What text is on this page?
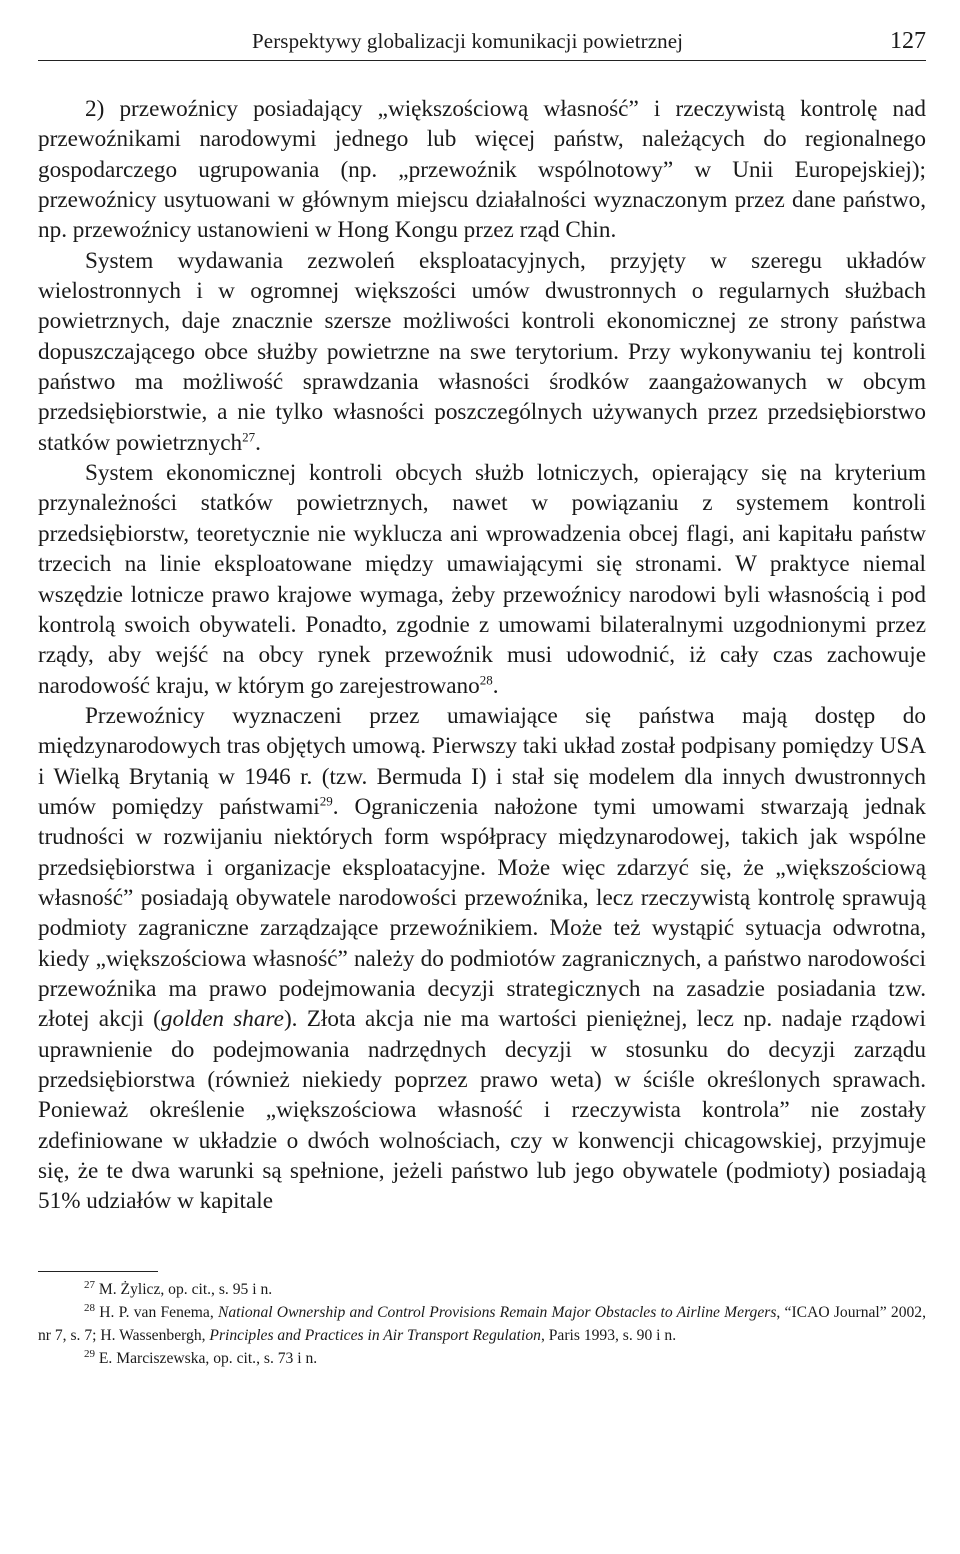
Perspektywy globalizacji komunikacji powietrznej	127

2) przewoźnicy posiadający „większościową własność” i rzeczywistą kontrolę nad przewoźnikami narodowymi jednego lub więcej państw, należących do regionalnego gospodarczego ugrupowania (np. „przewoźnik wspólnotowy” w Unii Europejskiej); przewoźnicy usytuowani w głównym miejscu działalności wyznaczonym przez dane państwo, np. przewoźnicy ustanowieni w Hong Kongu przez rząd Chin.

System wydawania zezwoleń eksploatacyjnych, przyjęty w szeregu układów wielostronnych i w ogromnej większości umów dwustronnych o regularnych służbach powietrznych, daje znacznie szersze możliwości kontroli ekonomicznej ze strony państwa dopuszczającego obce służby powietrzne na swe terytorium. Przy wykonywaniu tej kontroli państwo ma możliwość sprawdzania własności środków zaangażowanych w obcym przedsiębiorstwie, a nie tylko własności poszczególnych używanych przez przedsiębiorstwo statków powietrznych$^{27}$.

System ekonomicznej kontroli obcych służb lotniczych, opierający się na kryterium przynależności statków powietrznych, nawet w powiązaniu z systemem kontroli przedsiębiorstw, teoretycznie nie wyklucza ani wprowadzenia obcej flagi, ani kapitału państw trzecich na linie eksploatowane między umawiającymi się stronami. W praktyce niemal wszędzie lotnicze prawo krajowe wymaga, żeby przewoźnicy narodowi byli własnością i pod kontrolą swoich obywateli. Ponadto, zgodnie z umowami bilateralnymi uzgodnionymi przez rządy, aby wejść na obcy rynek przewoźnik musi udowodnić, iż cały czas zachowuje narodowość kraju, w którym go zarejestrowano$^{28}$.

Przewoźnicy wyznaczeni przez umawiające się państwa mają dostęp do międzynarodowych tras objętych umową. Pierwszy taki układ został podpisany pomiędzy USA i Wielką Brytanią w 1946 r. (tzw. Bermuda I) i stał się modelem dla innych dwustronnych umów pomiędzy państwami$^{29}$. Ograniczenia nałożone tymi umowami stwarzają jednak trudności w rozwijaniu niektórych form współpracy międzynarodowej, takich jak wspólne przedsiębiorstwa i organizacje eksploatacyjne. Może więc zdarzyć się, że „większościową własność” posiadają obywatele narodowości przewoźnika, lecz rzeczywistą kontrolę sprawują podmioty zagraniczne zarządzające przewoźnikiem. Może też wystąpić sytuacja odwrotna, kiedy „większościowa własność” należy do podmiotów zagranicznych, a państwo narodowości przewoźnika ma prawo podejmowania decyzji strategicznych na zasadzie posiadania tzw. złotej akcji (golden share). Złota akcja nie ma wartości pieniężnej, lecz np. nadaje rządowi uprawnienie do podejmowania nadrzędnych decyzji w stosunku do decyzji zarządu przedsiębiorstwa (również niekiedy poprzez prawo weta) w ściśle określonych sprawach. Ponieważ określenie „większościowa własność i rzeczywista kontrola” nie zostały zdefiniowane w układzie o dwóch wolnościach, czy w konwencji chicagowskiej, przyjmuje się, że te dwa warunki są spełnione, jeżeli państwo lub jego obywatele (podmioty) posiadają 51% udziałów w kapitale

$^{27}$ M. Żylicz, op. cit., s. 95 i n.

$^{28}$ H. P. van Fenema, National Ownership and Control Provisions Remain Major Obstacles to Airline Mergers, “ICAO Journal” 2002, nr 7, s. 7; H. Wassenbergh, Principles and Practices in Air Transport Regulation, Paris 1993, s. 90 i n.

$^{29}$ E. Marciszewska, op. cit., s. 73 i n.
